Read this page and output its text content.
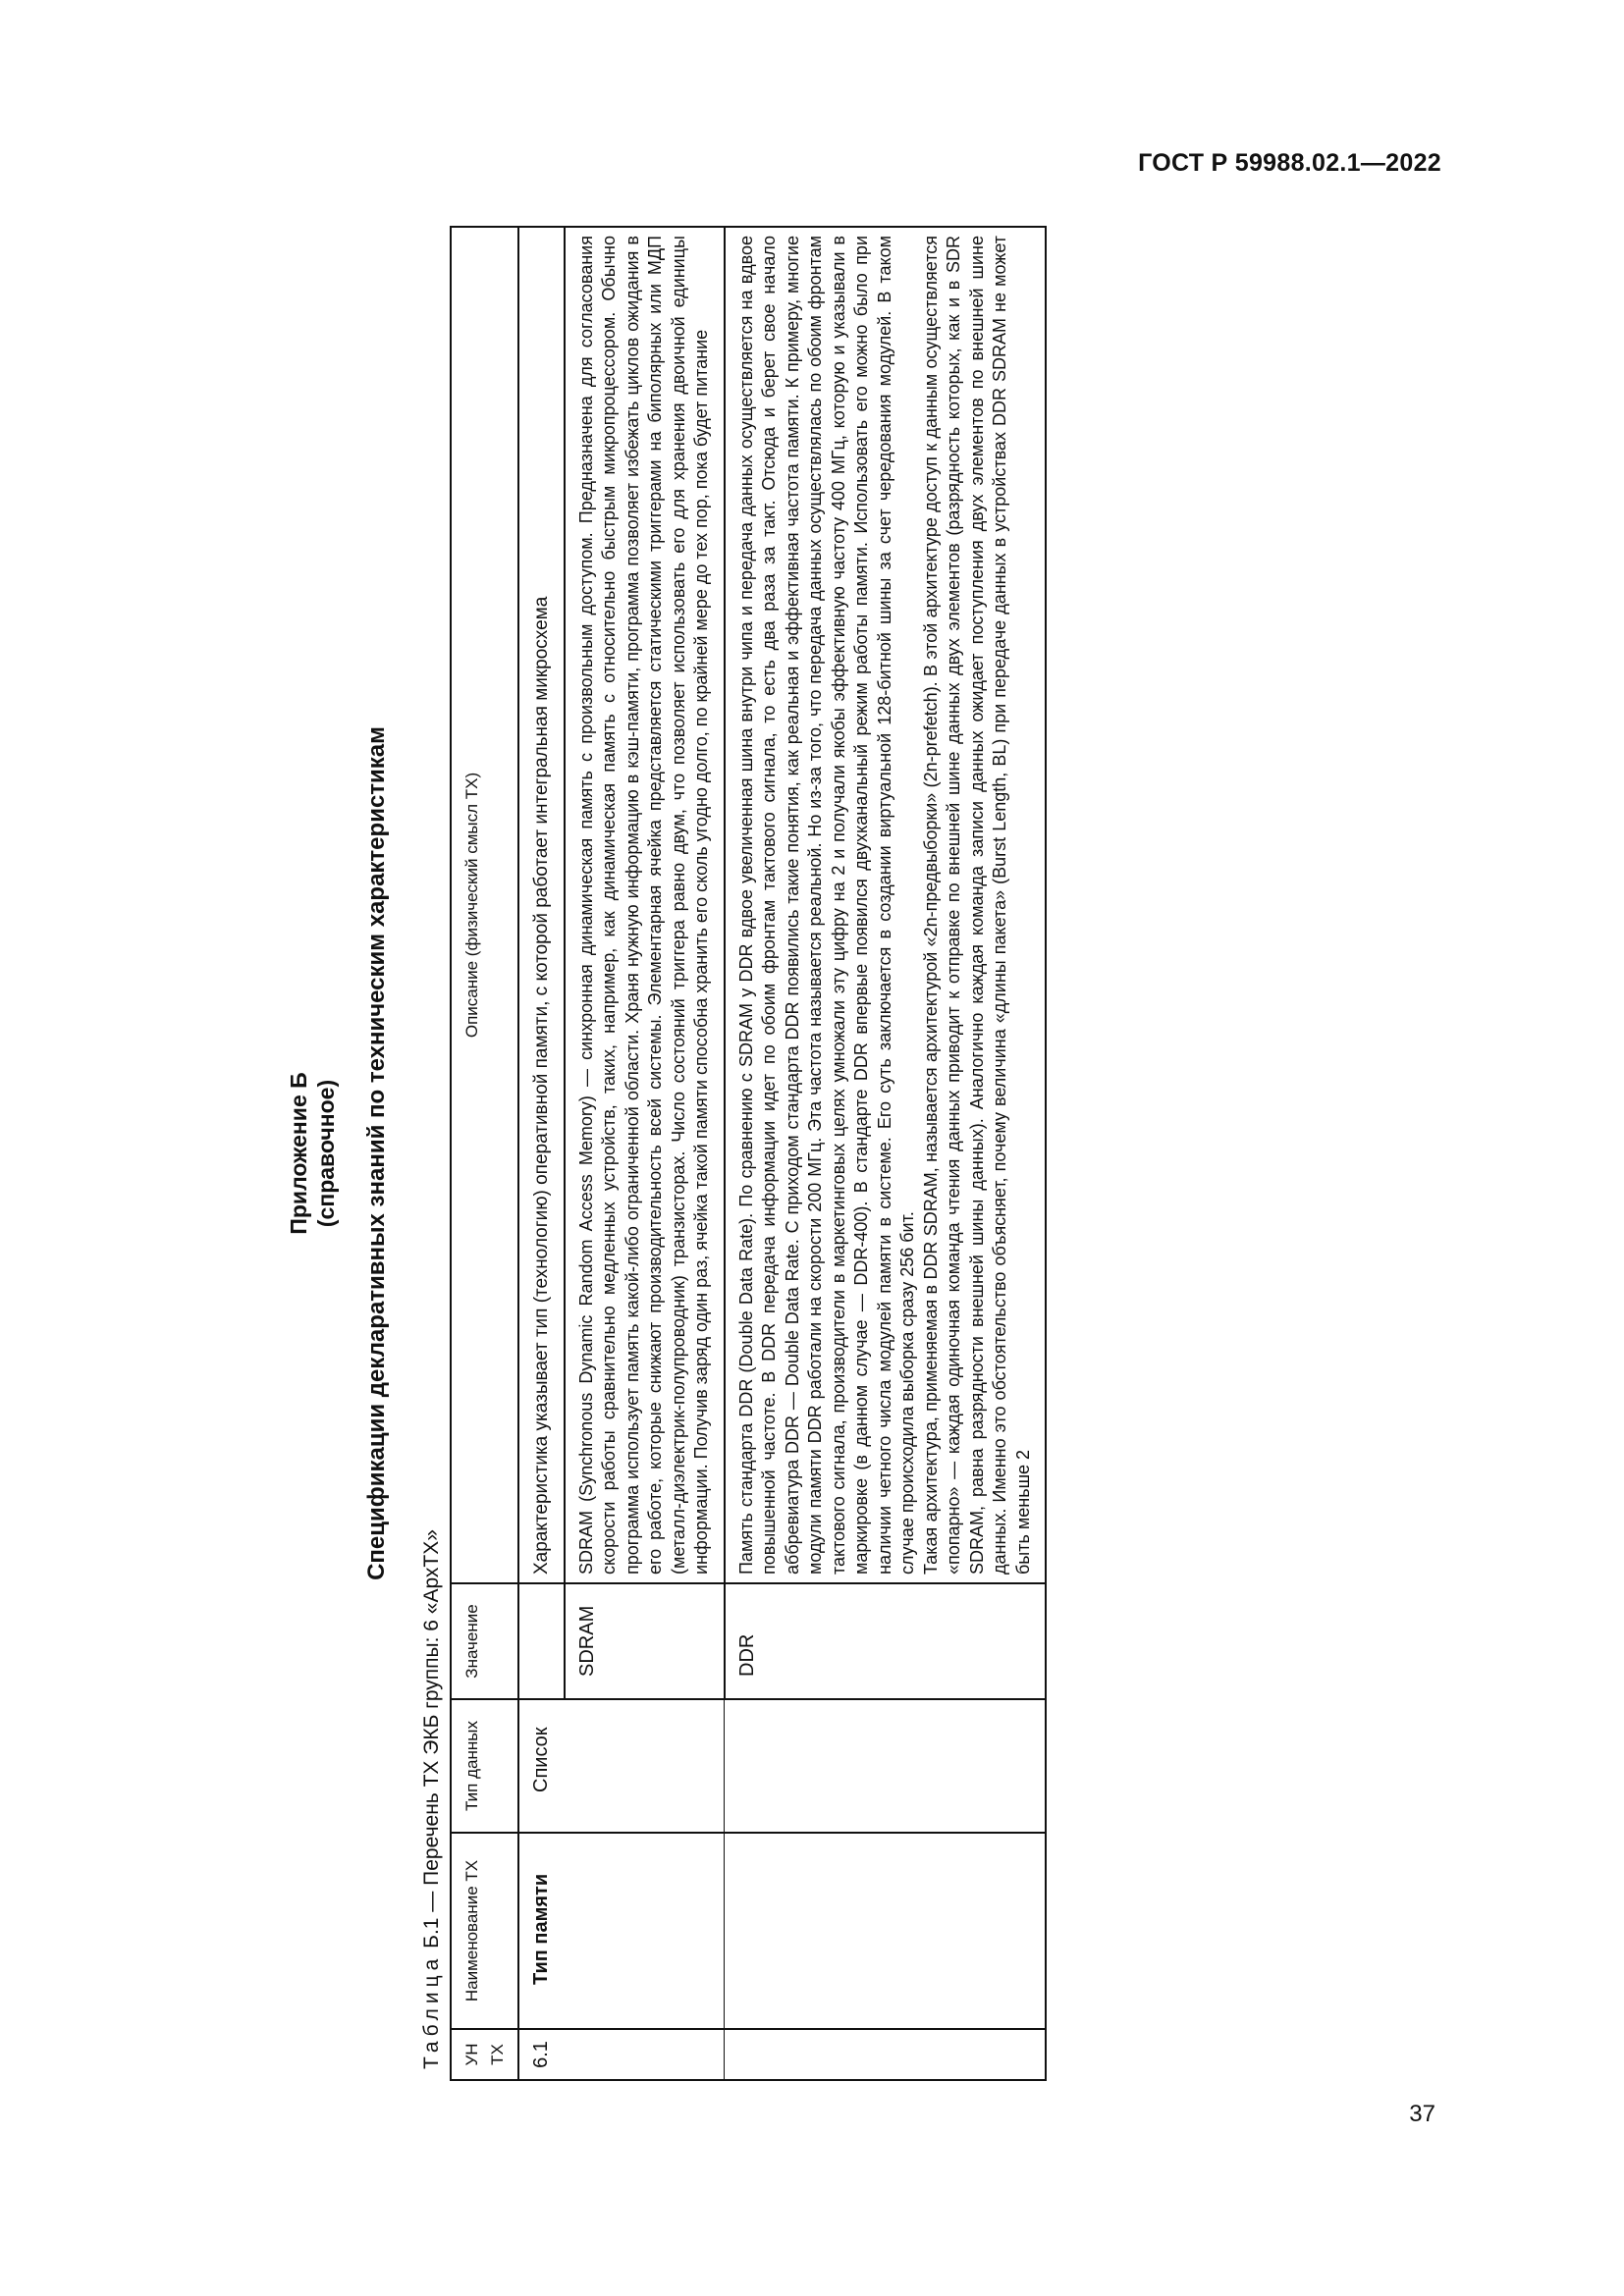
ГОСТ Р 59988.02.1—2022
Приложение Б (справочное) Спецификации декларативных знаний по техническим характеристикам
Таблица Б.1 — Перечень ТХ ЭКБ группы: 6 «АрхТХ»
УН ТХ	Наименование ТХ	Тип данных	Значение	Описание (физический смысл ТХ)
6.1	Тип памяти	Список		Характеристика указывает тип (технологию) оперативной памяти, с которой работает интегральная микросхема
			SDRAM	SDRAM (Synchronous Dynamic Random Access Memory) — синхронная динамическая память с произвольным доступом. Предназначена для согласования скорости работы сравнительно медленных устройств, таких, например, как динамическая память с относительно быстрым микропроцессором. Обычно программа использует память какой-либо ограниченной области. Храня нужную информацию в кэш-памяти, программа позволяет избежать циклов ожидания в его работе, которые снижают производительность всей системы. Элементарная ячейка представляется статическими триггерами на биполярных или МДП (металл-диэлектрик-полупроводник) транзисторах. Число состояний триггера равно двум, что позволяет использовать его для хранения двоичной единицы информации. Получив заряд один раз, ячейка такой памяти способна хранить его сколь угодно долго, по крайней мере до тех пор, пока будет питание
			DDR	Память стандарта DDR (Double Data Rate). По сравнению с SDRAM у DDR вдвое увеличенная шина внутри чипа и передача данных осуществляется на вдвое повышенной частоте. В DDR передача информации идет по обоим фронтам тактового сигнала, то есть два раза за такт. Отсюда и берет свое начало аббревиатура DDR — Double Data Rate. С приходом стандарта DDR появились такие понятия, как реальная и эффективная частота памяти. К примеру, многие модули памяти DDR работали на скорости 200 МГц. Эта частота называется реальной. Но из-за того, что передача данных осуществлялась по обоим фронтам тактового сигнала, производители в маркетинговых целях умножали эту цифру на 2 и получали якобы эффективную частоту 400 МГц, которую и указывали в маркировке (в данном случае — DDR-400). В стандарте DDR впервые появился двухканальный режим работы памяти. Использовать его можно было при наличии четного числа модулей памяти в системе. Его суть заключается в создании виртуальной 128-битной шины за счет чередования модулей. В таком случае происходила выборка сразу 256 бит. Такая архитектура, применяемая в DDR SDRAM, называется архитектурой «2n-предвыборки» (2n-prefetch). В этой архитектуре доступ к данным осуществляется «попарно» — каждая одиночная команда чтения данных приводит к отправке по внешней шине данных двух элементов (разрядность которых, как и в SDR SDRAM, равна разрядности внешней шины данных). Аналогично каждая команда записи данных ожидает поступления двух элементов по внешней шине данных. Именно это обстоятельство объясняет, почему величина «длины пакета» (Burst Length, BL) при передаче данных в устройствах DDR SDRAM не может быть меньше 2

37
